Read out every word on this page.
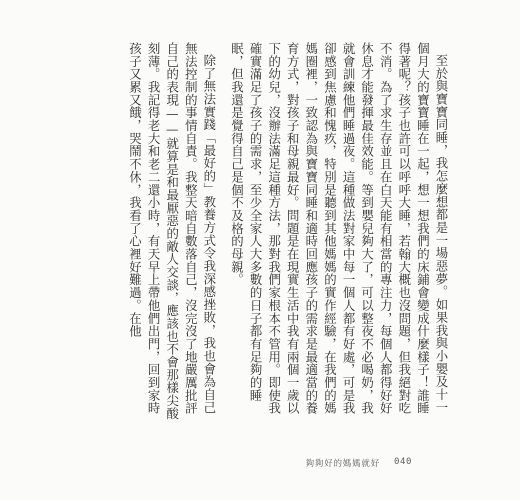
至於與寶寶同睡，我怎麼想都是一場惡夢。如果我與小嬰及十一個月大的寶寶睡在一起，想一想我們的床鋪會變成什麼樣子！誰睡得著呢？孩子也許可以呼呼大睡，若翰大概也沒問題，但我絕對吃不消。為了求生存並且在白天能有相當的專注力，每個人都得好好休息才能發揮最佳效能。等到嬰兒夠大了，可以整夜不必喝奶，我就會訓練他們睡過夜。這種做法對家中每一個人都有好處，可是我卻感到焦慮和愧疚，特別是聽到其他媽媽的實作經驗，在我們的媽媽圈裡，一致認為與寶寶同睡和適時回應孩子的需求是最適當的養育方式，對孩子和母親最好。問題是在現實生活中我有兩個一歲以下的幼兒，沒辦法滿足這種方法，那對我們家根本不管用。即使我確實滿足了孩子的需求，至少全家人大多數的日子都有足夠的睡眠，但我還是覺得自己是個不及格的母親。

除了無法實踐「最好的」教養方式令我深感挫敗，我也會為自己無法控制的事情自責。我整天暗自數落自己，沒完沒了地嚴厲批評自己的表現——就算是和最厭惡的敵人交談，應該也不會那樣尖酸刻薄。我記得老大和老二還小時，有天早上帶他們出門，回到家時孩子又累又餓，哭鬧不休，我看了心裡好難過。在他

夠夠好的媽媽就好 040
